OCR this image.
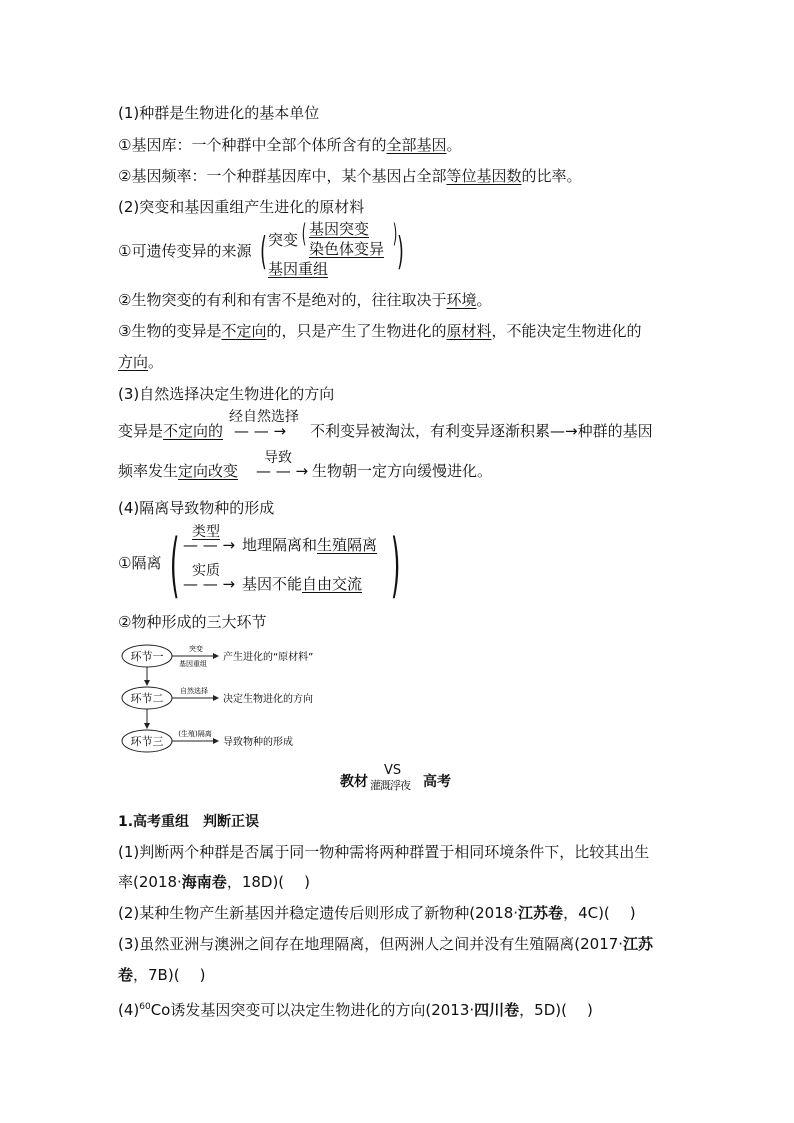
(1)种群是生物进化的基本单位
①基因库：一个种群中全部个体所含有的全部基因。
②基因频率：一个种群基因库中，某个基因占全部等位基因数的比率。
(2)突变和基因重组产生进化的原材料
①可遗传变异的来源 ( 突变 ( 基因突变
染色体变异 )
基因重组 )
②生物突变的有利和有害不是绝对的，往往取决于环境。
③生物的变异是不定向的，只是产生了生物进化的原材料，不能决定生物进化的
方向。
(3)自然选择决定生物进化的方向
经自然选择
变异是不定向的 — — → 不利变异被淘汰，有利变异逐渐积累—→种群的基因
导致
频率发生定向改变 — — → 生物朝一定方向缓慢进化。
(4)隔离导致物种的形成
(
①隔离
类型
— — → 地理隔离和生殖隔离
实质
— — → 基因不能自由交流 )
②物种形成的三大环节
环节一
环节二
环节三
突变
基因重组
自然选择
(生殖)隔离
产生进化的“原材料”
决定生物进化的方向
导致物种的形成
教材
VS
灌溉浮夜 高考
1.高考重组　判断正误
(1)判断两个种群是否属于同一物种需将两种群置于相同环境条件下，比较其出生
率(2018·海南卷，18D)( )
(2)某种生物产生新基因并稳定遗传后则形成了新物种(2018·江苏卷，4C)( )
(3)虽然亚洲与澳洲之间存在地理隔离，但两洲人之间并没有生殖隔离(2017·江苏
卷，7B)( )
$(4)^{60}Co$诱发基因突变可以决定生物进化的方向(2013·四川卷，5D)( )
